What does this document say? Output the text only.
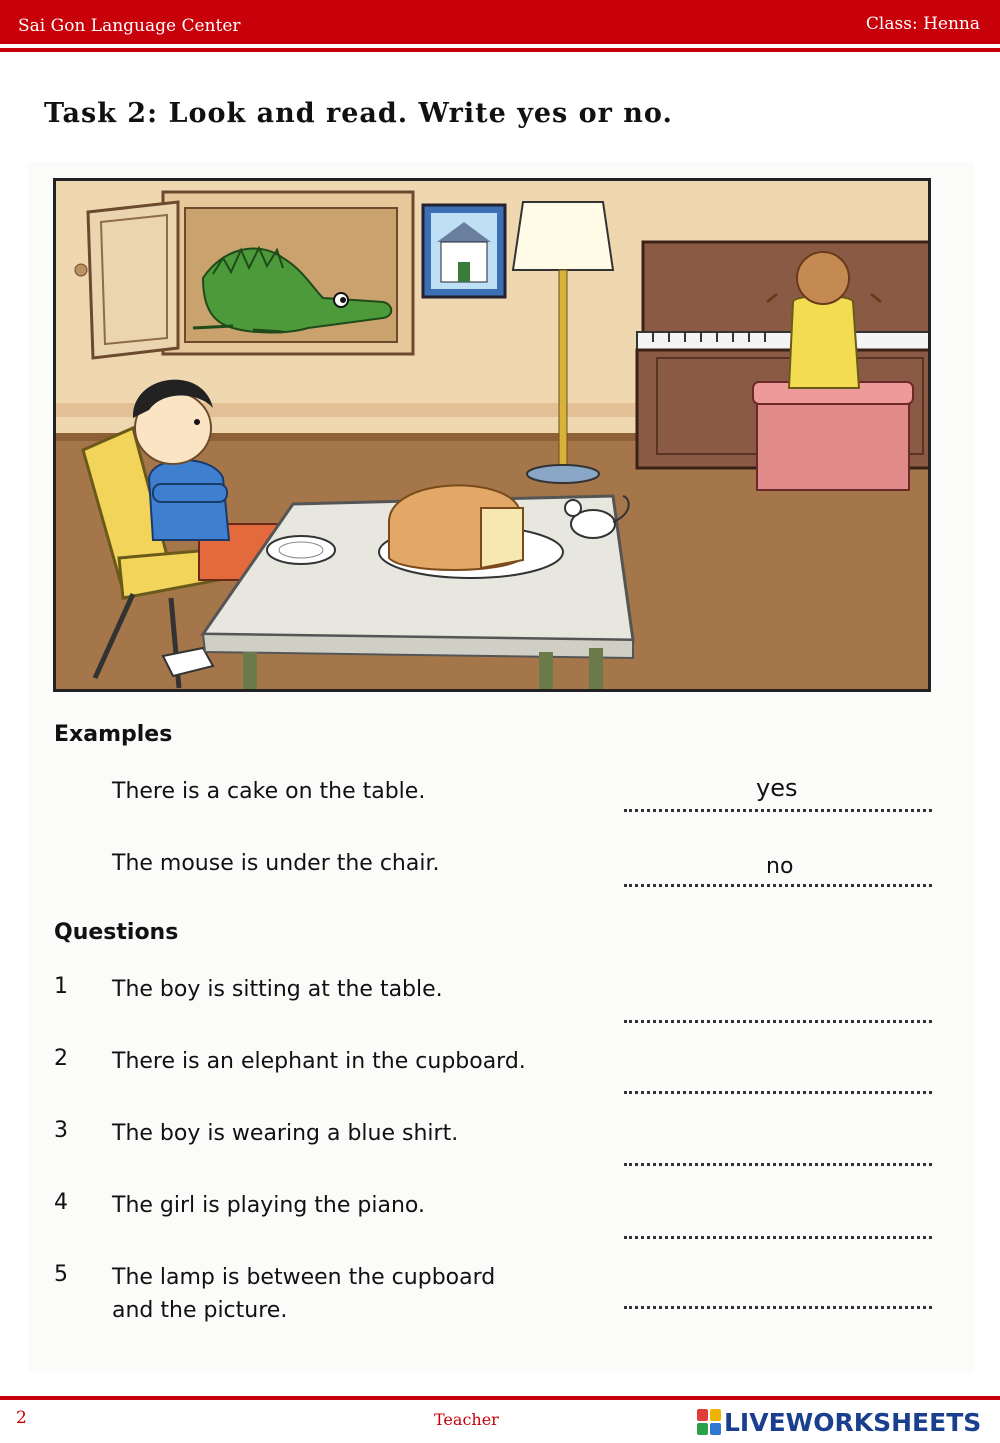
Sai Gon Language Center	Class: Henna
Task 2: Look and read. Write yes or no.
Examples
There is a cake on the table.	yes
The mouse is under the chair.	no
Questions
1 The boy is sitting at the table.
2 There is an elephant in the cupboard.
3 The boy is wearing a blue shirt.
4 The girl is playing the piano.
5 The lamp is between the cupboard
and the picture.
2	Teacher	LIVEWORKSHEETS
